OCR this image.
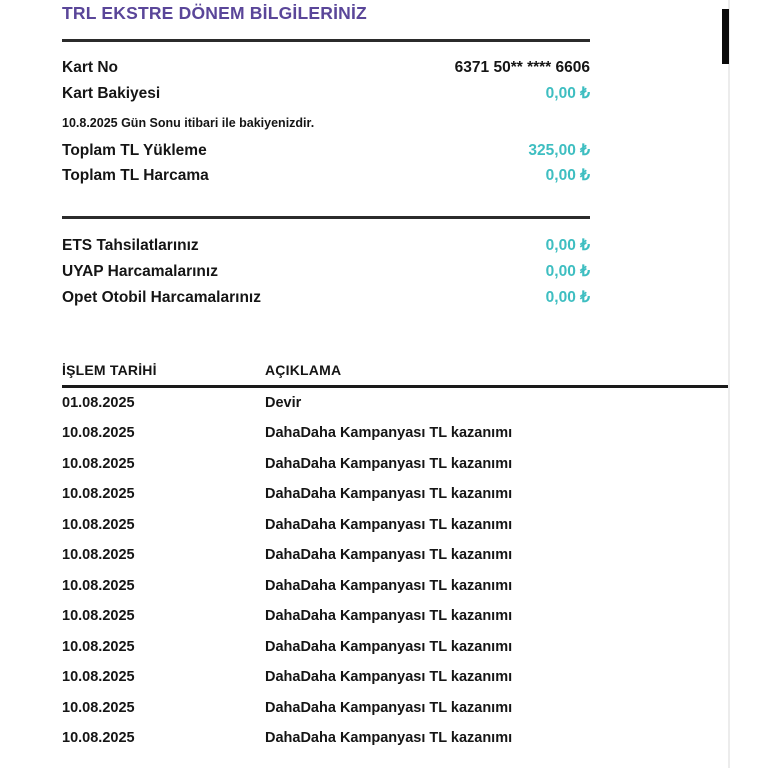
TRL EKSTRE DÖNEM BİLGİLERİNİZ
Kart No	6371 50** **** 6606
Kart Bakiyesi	0,00 ₺
10.8.2025 Gün Sonu itibari ile bakiyenizdir.
Toplam TL Yükleme	325,00 ₺
Toplam TL Harcama	0,00 ₺
ETS Tahsilatlarınız	0,00 ₺
UYAP Harcamalarınız	0,00 ₺
Opet Otobil Harcamalarınız	0,00 ₺
İŞLEM TARİHİ	AÇIKLAMA
01.08.2025	Devir
10.08.2025	DahaDaha Kampanyası TL kazanımı
10.08.2025	DahaDaha Kampanyası TL kazanımı
10.08.2025	DahaDaha Kampanyası TL kazanımı
10.08.2025	DahaDaha Kampanyası TL kazanımı
10.08.2025	DahaDaha Kampanyası TL kazanımı
10.08.2025	DahaDaha Kampanyası TL kazanımı
10.08.2025	DahaDaha Kampanyası TL kazanımı
10.08.2025	DahaDaha Kampanyası TL kazanımı
10.08.2025	DahaDaha Kampanyası TL kazanımı
10.08.2025	DahaDaha Kampanyası TL kazanımı
10.08.2025	DahaDaha Kampanyası TL kazanımı
